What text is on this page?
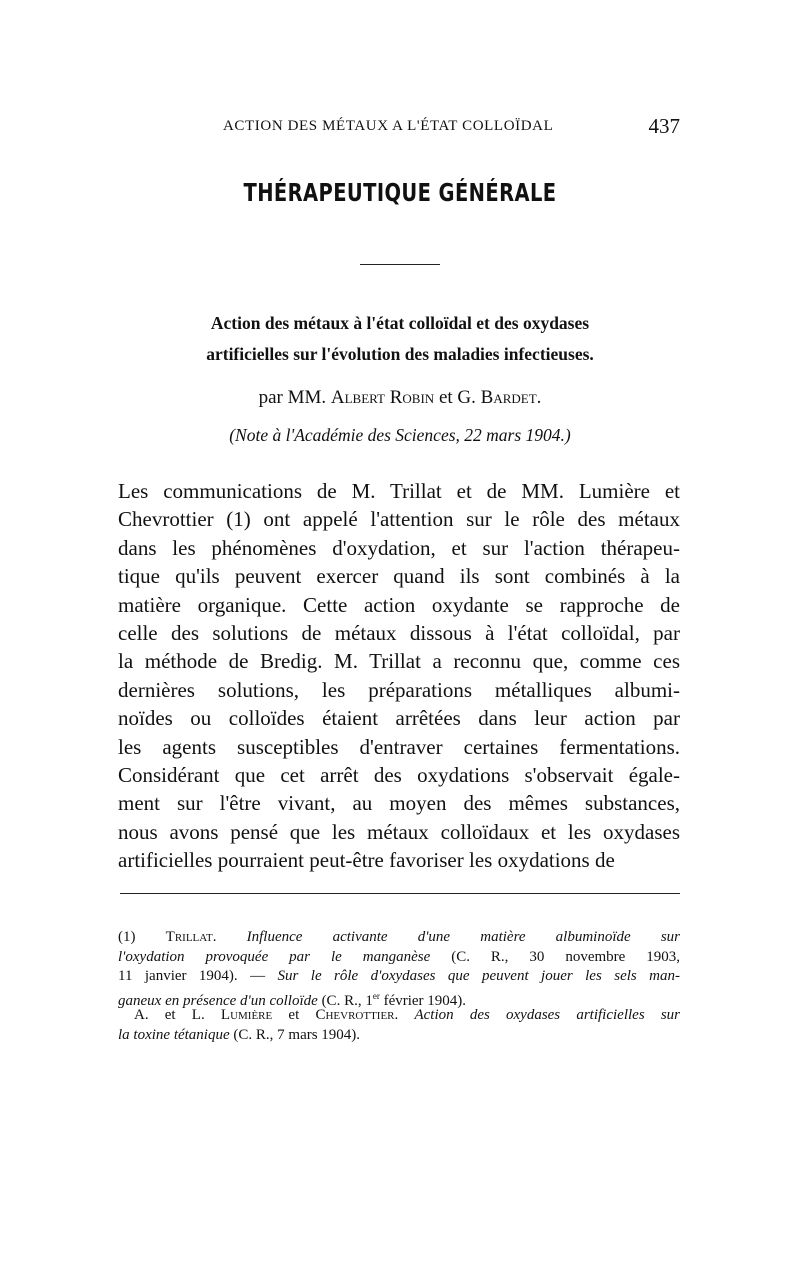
ACTION DES MÉTAUX A L'ÉTAT COLLOÏDAL	437
THÉRAPEUTIQUE GÉNÉRALE
Action des métaux à l'état colloïdal et des oxydases
artificielles sur l'évolution des maladies infectieuses.
par MM. Albert Robin et G. Bardet.
(Note à l'Académie des Sciences, 22 mars 1904.)
Les communications de M. Trillat et de MM. Lumière et
Chevrottier (1) ont appelé l'attention sur le rôle des métaux
dans les phénomènes d'oxydation, et sur l'action thérapeu-
tique qu'ils peuvent exercer quand ils sont combinés à la
matière organique. Cette action oxydante se rapproche de
celle des solutions de métaux dissous à l'état colloïdal, par
la méthode de Bredig. M. Trillat a reconnu que, comme ces
dernières solutions, les préparations métalliques albumi-
noïdes ou colloïdes étaient arrêtées dans leur action par
les agents susceptibles d'entraver certaines fermentations.
Considérant que cet arrêt des oxydations s'observait égale-
ment sur l'être vivant, au moyen des mêmes substances,
nous avons pensé que les métaux colloïdaux et les oxydases
artificielles pourraient peut-être favoriser les oxydations de
(1) Trillat. Influence activante d'une matière albuminoïde sur
l'oxydation provoquée par le manganèse (C. R., 30 novembre 1903,
11 janvier 1904). — Sur le rôle d'oxydases que peuvent jouer les sels man-
ganeux en présence d'un colloïde (C. R., 1er février 1904).
A. et L. Lumière et Chevrottier. Action des oxydases artificielles sur
la toxine tétanique (C. R., 7 mars 1904).
